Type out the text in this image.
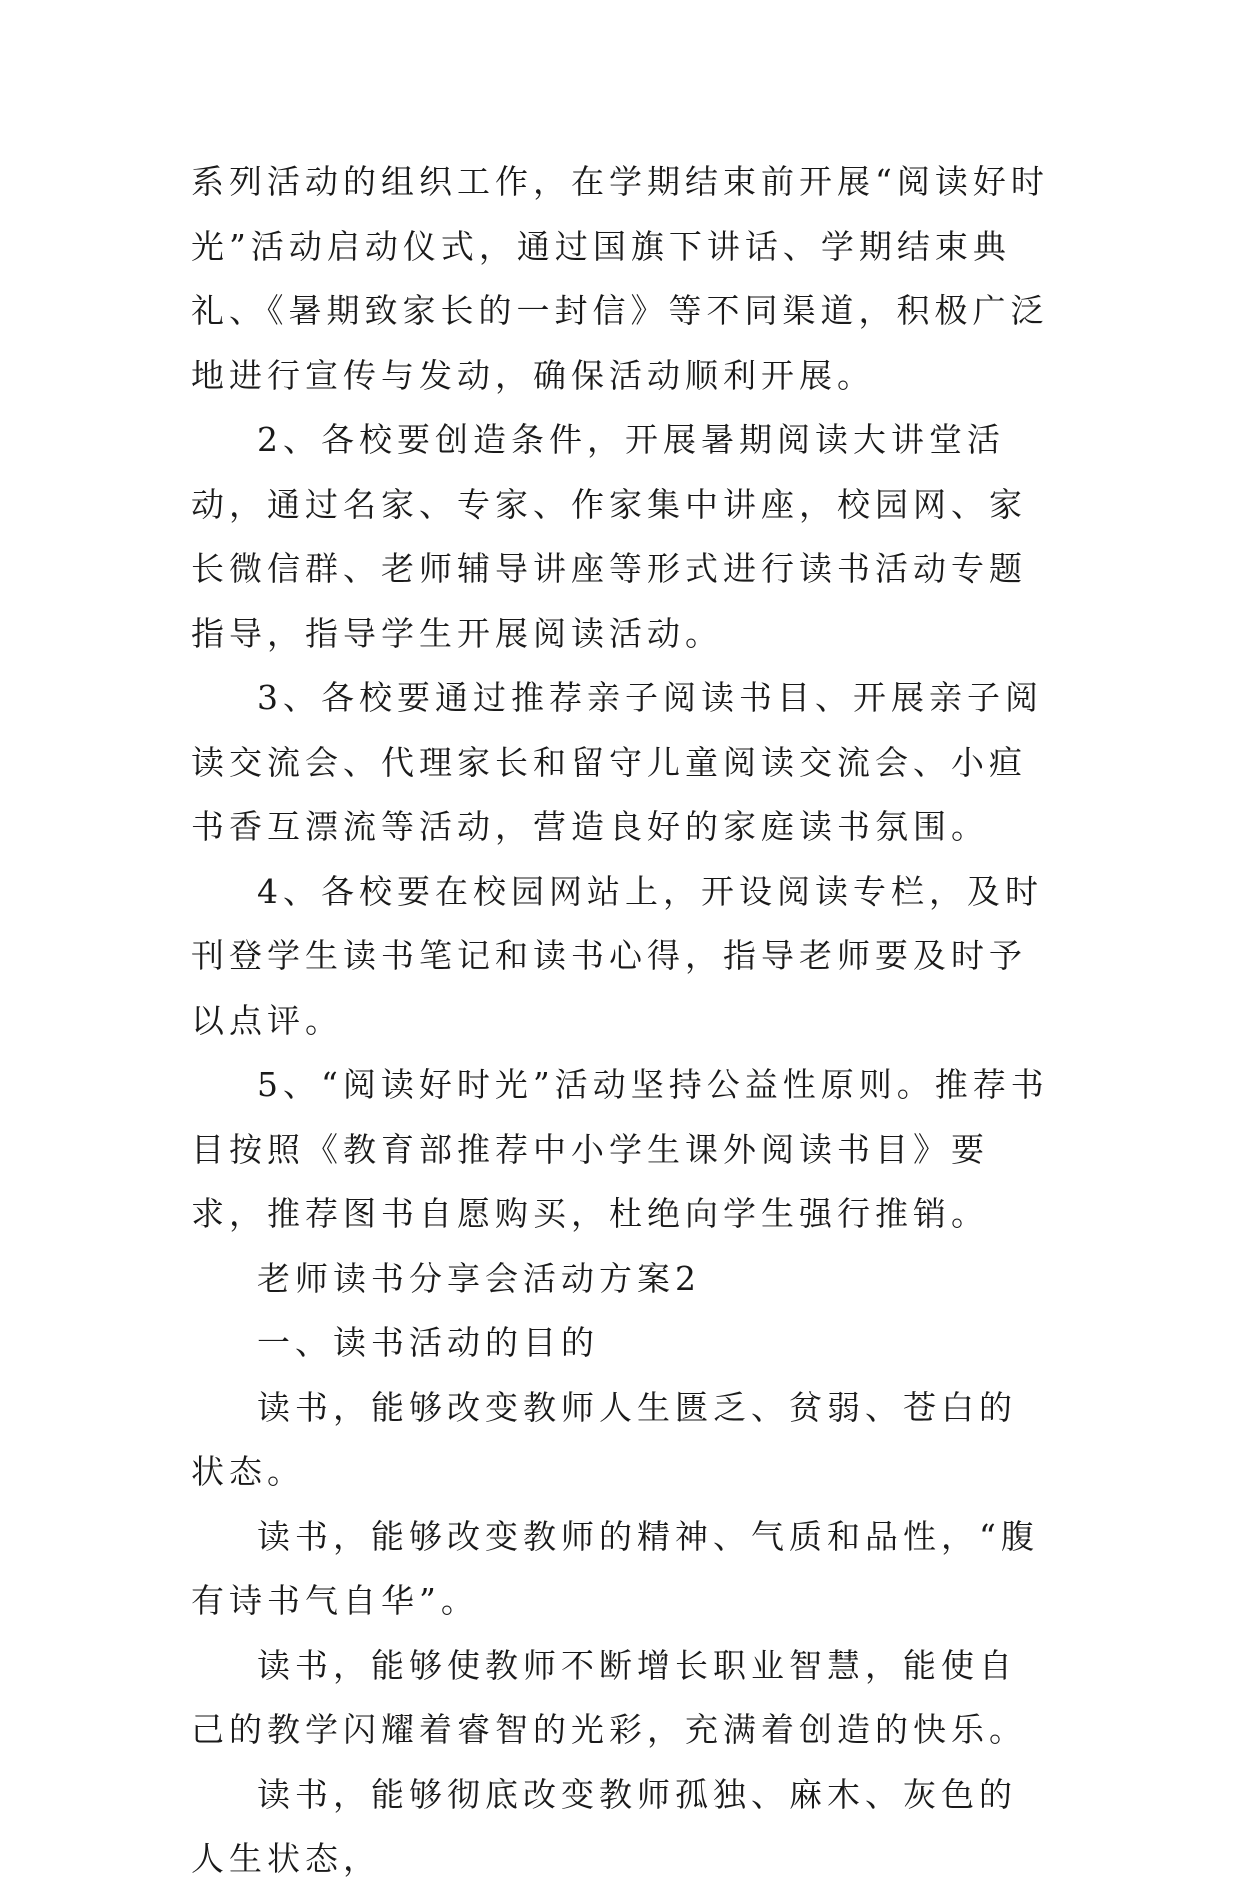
系列活动的组织工作，在学期结束前开展“阅读好时光”活动启动仪式，通过国旗下讲话、学期结束典礼、《暑期致家长的一封信》等不同渠道，积极广泛地进行宣传与发动，确保活动顺利开展。

2、各校要创造条件，开展暑期阅读大讲堂活动，通过名家、专家、作家集中讲座，校园网、家长微信群、老师辅导讲座等形式进行读书活动专题指导，指导学生开展阅读活动。

3、各校要通过推荐亲子阅读书目、开展亲子阅读交流会、代理家长和留守儿童阅读交流会、小疸书香互漂流等活动，营造良好的家庭读书氛围。

4、各校要在校园网站上，开设阅读专栏，及时刊登学生读书笔记和读书心得，指导老师要及时予以点评。

5、“阅读好时光”活动坚持公益性原则。推荐书目按照《教育部推荐中小学生课外阅读书目》要求，推荐图书自愿购买，杜绝向学生强行推销。

老师读书分享会活动方案2

一、读书活动的目的

读书，能够改变教师人生匮乏、贫弱、苍白的状态。

读书，能够改变教师的精神、气质和品性，“腹有诗书气自华”。

读书，能够使教师不断增长职业智慧，能使自己的教学闪耀着睿智的光彩，充满着创造的快乐。

读书，能够彻底改变教师孤独、麻木、灰色的人生状态，
